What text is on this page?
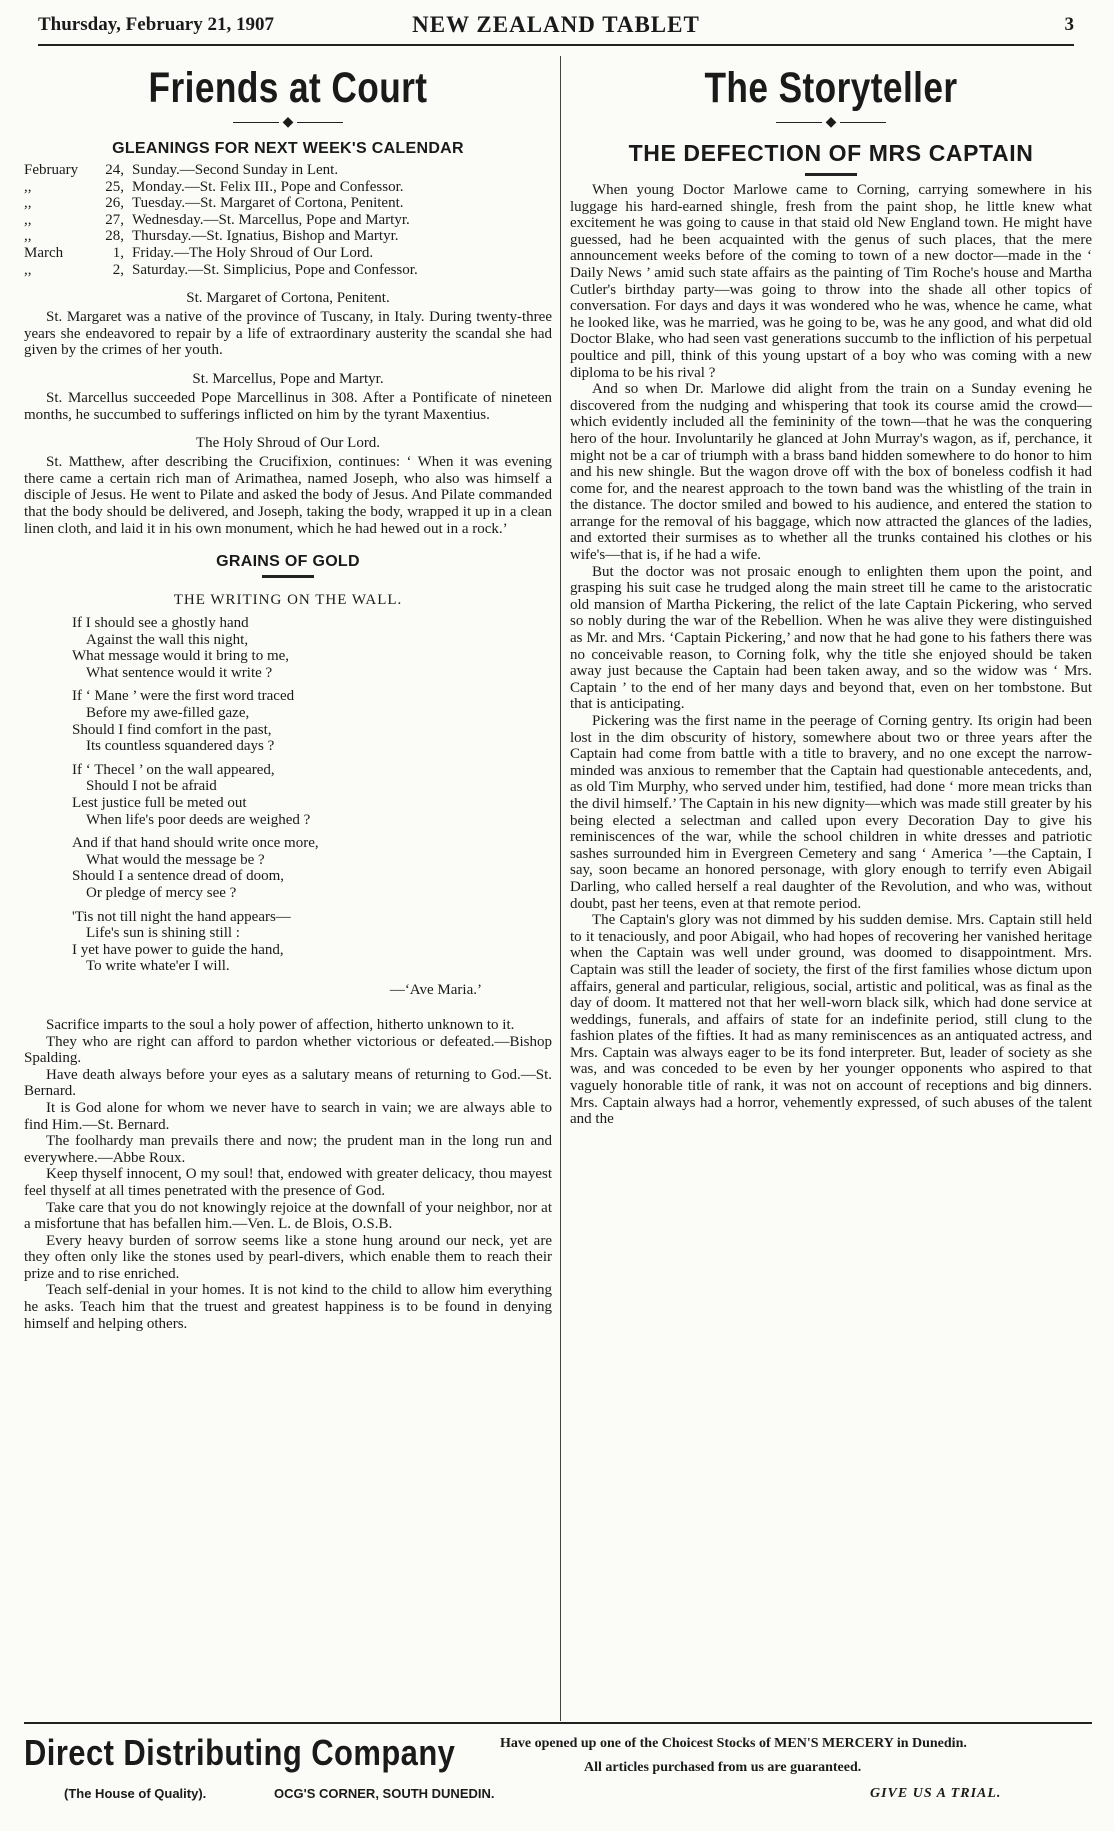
Thursday, February 21, 1907	NEW ZEALAND TABLET	3
Friends at Court
◆
GLEANINGS FOR NEXT WEEK'S CALENDAR
February	24, Sunday.—Second Sunday in Lent.
,,	25, Monday.—St. Felix III., Pope and Confessor.
,,	26, Tuesday.—St. Margaret of Cortona, Penitent.
,,	27, Wednesday.—St. Marcellus, Pope and Martyr.
,,	28, Thursday.—St. Ignatius, Bishop and Martyr.
March	1, Friday.—The Holy Shroud of Our Lord.
,,	2, Saturday.—St. Simplicius, Pope and Confessor.
St. Margaret of Cortona, Penitent.

St. Margaret was a native of the province of Tuscany, in Italy. During twenty-three years she endeavored to repair by a life of extraordinary austerity the scandal she had given by the crimes of her youth.

St. Marcellus, Pope and Martyr.

St. Marcellus succeeded Pope Marcellinus in 308. After a Pontificate of nineteen months, he succumbed to sufferings inflicted on him by the tyrant Maxentius.

The Holy Shroud of Our Lord.

St. Matthew, after describing the Crucifixion, continues: ‘ When it was evening there came a certain rich man of Arimathea, named Joseph, who also was himself a disciple of Jesus. He went to Pilate and asked the body of Jesus. And Pilate commanded that the body should be delivered, and Joseph, taking the body, wrapped it up in a clean linen cloth, and laid it in his own monument, which he had hewed out in a rock.’

GRAINS OF GOLD
THE WRITING ON THE WALL.
If I should see a ghostly hand
Against the wall this night,
What message would it bring to me,
What sentence would it write ?
If ‘ Mane ’ were the first word traced
Before my awe-filled gaze,
Should I find comfort in the past,
Its countless squandered days ?
If ‘ Thecel ’ on the wall appeared,
Should I not be afraid
Lest justice full be meted out
When life's poor deeds are weighed ?
And if that hand should write once more,
What would the message be ?
Should I a sentence dread of doom,
Or pledge of mercy see ?
'Tis not till night the hand appears—
Life's sun is shining still :
I yet have power to guide the hand,
To write whate'er I will.
—‘Ave Maria.’

Sacrifice imparts to the soul a holy power of affection, hitherto unknown to it.

They who are right can afford to pardon whether victorious or defeated.—Bishop Spalding.

Have death always before your eyes as a salutary means of returning to God.—St. Bernard.

It is God alone for whom we never have to search in vain; we are always able to find Him.—St. Bernard.

The foolhardy man prevails there and now; the prudent man in the long run and everywhere.—Abbe Roux.

Keep thyself innocent, O my soul! that, endowed with greater delicacy, thou mayest feel thyself at all times penetrated with the presence of God.

Take care that you do not knowingly rejoice at the downfall of your neighbor, nor at a misfortune that has befallen him.—Ven. L. de Blois, O.S.B.

Every heavy burden of sorrow seems like a stone hung around our neck, yet are they often only like the stones used by pearl-divers, which enable them to reach their prize and to rise enriched.

Teach self-denial in your homes. It is not kind to the child to allow him everything he asks. Teach him that the truest and greatest happiness is to be found in denying himself and helping others.

The Storyteller
◆
THE DEFECTION OF MRS CAPTAIN

When young Doctor Marlowe came to Corning, carrying somewhere in his luggage his hard-earned shingle, fresh from the paint shop, he little knew what excitement he was going to cause in that staid old New England town. He might have guessed, had he been acquainted with the genus of such places, that the mere announcement weeks before of the coming to town of a new doctor—made in the ‘ Daily News ’ amid such state affairs as the painting of Tim Roche's house and Martha Cutler's birthday party—was going to throw into the shade all other topics of conversation. For days and days it was wondered who he was, whence he came, what he looked like, was he married, was he going to be, was he any good, and what did old Doctor Blake, who had seen vast generations succumb to the infliction of his perpetual poultice and pill, think of this young upstart of a boy who was coming with a new diploma to be his rival ?

And so when Dr. Marlowe did alight from the train on a Sunday evening he discovered from the nudging and whispering that took its course amid the crowd—which evidently included all the femininity of the town—that he was the conquering hero of the hour. Involuntarily he glanced at John Murray's wagon, as if, perchance, it might not be a car of triumph with a brass band hidden somewhere to do honor to him and his new shingle. But the wagon drove off with the box of boneless codfish it had come for, and the nearest approach to the town band was the whistling of the train in the distance. The doctor smiled and bowed to his audience, and entered the station to arrange for the removal of his baggage, which now attracted the glances of the ladies, and extorted their surmises as to whether all the trunks contained his clothes or his wife's—that is, if he had a wife.

But the doctor was not prosaic enough to enlighten them upon the point, and grasping his suit case he trudged along the main street till he came to the aristocratic old mansion of Martha Pickering, the relict of the late Captain Pickering, who served so nobly during the war of the Rebellion. When he was alive they were distinguished as Mr. and Mrs. ‘Captain Pickering,’ and now that he had gone to his fathers there was no conceivable reason, to Corning folk, why the title she enjoyed should be taken away just because the Captain had been taken away, and so the widow was ‘ Mrs. Captain ’ to the end of her many days and beyond that, even on her tombstone. But that is anticipating.

Pickering was the first name in the peerage of Corning gentry. Its origin had been lost in the dim obscurity of history, somewhere about two or three years after the Captain had come from battle with a title to bravery, and no one except the narrow-minded was anxious to remember that the Captain had questionable antecedents, and, as old Tim Murphy, who served under him, testified, had done ‘ more mean tricks than the divil himself.’ The Captain in his new dignity—which was made still greater by his being elected a selectman and called upon every Decoration Day to give his reminiscences of the war, while the school children in white dresses and patriotic sashes surrounded him in Evergreen Cemetery and sang ‘ America ’—the Captain, I say, soon became an honored personage, with glory enough to terrify even Abigail Darling, who called herself a real daughter of the Revolution, and who was, without doubt, past her teens, even at that remote period.

The Captain's glory was not dimmed by his sudden demise. Mrs. Captain still held to it tenaciously, and poor Abigail, who had hopes of recovering her vanished heritage when the Captain was well under ground, was doomed to disappointment. Mrs. Captain was still the leader of society, the first of the first families whose dictum upon affairs, general and particular, religious, social, artistic and political, was as final as the day of doom. It mattered not that her well-worn black silk, which had done service at weddings, funerals, and affairs of state for an indefinite period, still clung to the fashion plates of the fifties. It had as many reminiscences as an antiquated actress, and Mrs. Captain was always eager to be its fond interpreter. But, leader of society as she was, and was conceded to be even by her younger opponents who aspired to that vaguely honorable title of rank, it was not on account of receptions and big dinners. Mrs. Captain always had a horror, vehemently expressed, of such abuses of the talent and the

Direct Distributing Company
(The House of Quality).	OCG'S CORNER, SOUTH DUNEDIN.
Have opened up one of the Choicest Stocks of MEN'S MERCERY in Dunedin.
All articles purchased from us are guaranteed.
GIVE US A TRIAL.
